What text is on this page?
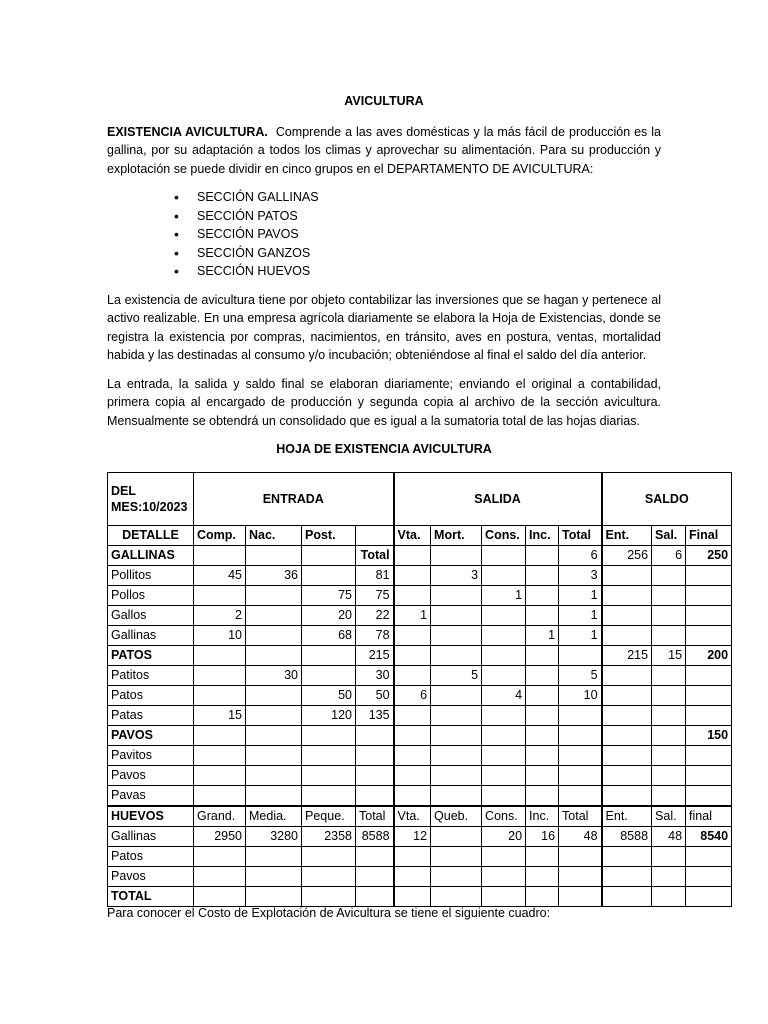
AVICULTURA

EXISTENCIA AVICULTURA. Comprende a las aves domésticas y la más fácil de producción es la gallina, por su adaptación a todos los climas y aprovechar su alimentación. Para su producción y explotación se puede dividir en cinco grupos en el DEPARTAMENTO DE AVICULTURA:

• SECCIÓN GALLINAS
• SECCIÓN PATOS
• SECCIÓN PAVOS
• SECCIÓN GANZOS
• SECCIÓN HUEVOS

La existencia de avicultura tiene por objeto contabilizar las inversiones que se hagan y pertenece al activo realizable. En una empresa agrícola diariamente se elabora la Hoja de Existencias, donde se registra la existencia por compras, nacimientos, en tránsito, aves en postura, ventas, mortalidad habida y las destinadas al consumo y/o incubación; obteniéndose al final el saldo del día anterior.

La entrada, la salida y saldo final se elaboran diariamente; enviando el original a contabilidad, primera copia al encargado de producción y segunda copia al archivo de la sección avicultura. Mensualmente se obtendrá un consolidado que es igual a la sumatoria total de las hojas diarias.

HOJA DE EXISTENCIA AVICULTURA
DEL MES:10/2023	ENTRADA				SALIDA					SALDO		
DETALLE	Comp.	Nac.	Post.		Vta.	Mort.	Cons.	Inc.	Total	Ent.	Sal.	Final
GALLINAS				Total					6	256	6	250
Pollitos	45	36		81		3			3			
Pollos			75	75			1		1			
Gallos	2		20	22	1				1			
Gallinas	10		68	78				1	1			
PATOS				215						215	15	200
Patitos		30		30		5			5			
Patos			50	50	6		4		10			
Patas	15		120	135								
PAVOS												150
Pavitos												
Pavos												
Pavas												
HUEVOS	Grand.	Media.	Peque.	Total	Vta.	Queb.	Cons.	Inc.	Total	Ent.	Sal.	final
Gallinas	2950	3280	2358	8588	12		20	16	48	8588	48	8540
Patos												
Pavos												
TOTAL												
Para conocer el Costo de Explotación de Avicultura se tiene el siguiente cuadro:
